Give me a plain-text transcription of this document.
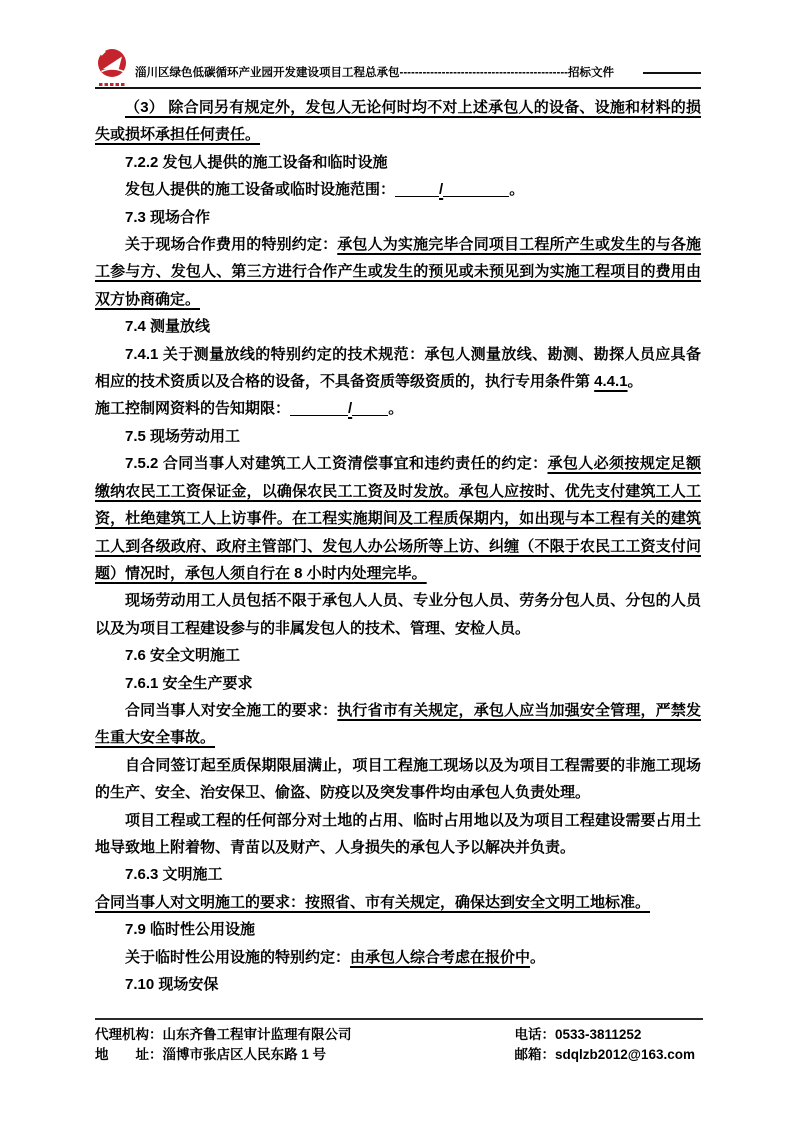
淄川区绿色低碳循环产业园开发建设项目工程总承包--------------------------------------------招标文件
（3） 除合同另有规定外，发包人无论何时均不对上述承包人的设备、设施和材料的损失或损坏承担任何责任。
7.2.2 发包人提供的施工设备和临时设施
发包人提供的施工设备或临时设施范围：	/	。
7.3 现场合作
关于现场合作费用的特别约定：承包人为实施完毕合同项目工程所产生或发生的与各施工参与方、发包人、第三方进行合作产生或发生的预见或未预见到为实施工程项目的费用由双方协商确定。
7.4 测量放线
7.4.1 关于测量放线的特别约定的技术规范：承包人测量放线、勘测、勘探人员应具备相应的技术资质以及合格的设备，不具备资质等级资质的，执行专用条件第 4.4.1。
施工控制网资料的告知期限：	/ 。
7.5 现场劳动用工
7.5.2 合同当事人对建筑工人工资清偿事宜和违约责任的约定：承包人必须按规定足额缴纳农民工工资保证金，以确保农民工工资及时发放。承包人应按时、优先支付建筑工人工资，杜绝建筑工人上访事件。在工程实施期间及工程质保期内，如出现与本工程有关的建筑工人到各级政府、政府主管部门、发包人办公场所等上访、纠缠（不限于农民工工资支付问题）情况时，承包人须自行在 8 小时内处理完毕。
现场劳动用工人员包括不限于承包人人员、专业分包人员、劳务分包人员、分包的人员以及为项目工程建设参与的非属发包人的技术、管理、安检人员。
7.6 安全文明施工
7.6.1 安全生产要求
合同当事人对安全施工的要求：执行省市有关规定，承包人应当加强安全管理，严禁发生重大安全事故。
自合同签订起至质保期限届满止，项目工程施工现场以及为项目工程需要的非施工现场的生产、安全、治安保卫、偷盗、防疫以及突发事件均由承包人负责处理。
项目工程或工程的任何部分对土地的占用、临时占用地以及为项目工程建设需要占用土地导致地上附着物、青苗以及财产、人身损失的承包人予以解决并负责。
7.6.3 文明施工
合同当事人对文明施工的要求：按照省、市有关规定，确保达到安全文明工地标准。
7.9 临时性公用设施
关于临时性公用设施的特别约定：由承包人综合考虑在报价中。
7.10 现场安保
代理机构：山东齐鲁工程审计监理有限公司
地　　址：淄博市张店区人民东路 1 号
电话：0533-3811252
邮箱：sdqlzb2012@163.com
